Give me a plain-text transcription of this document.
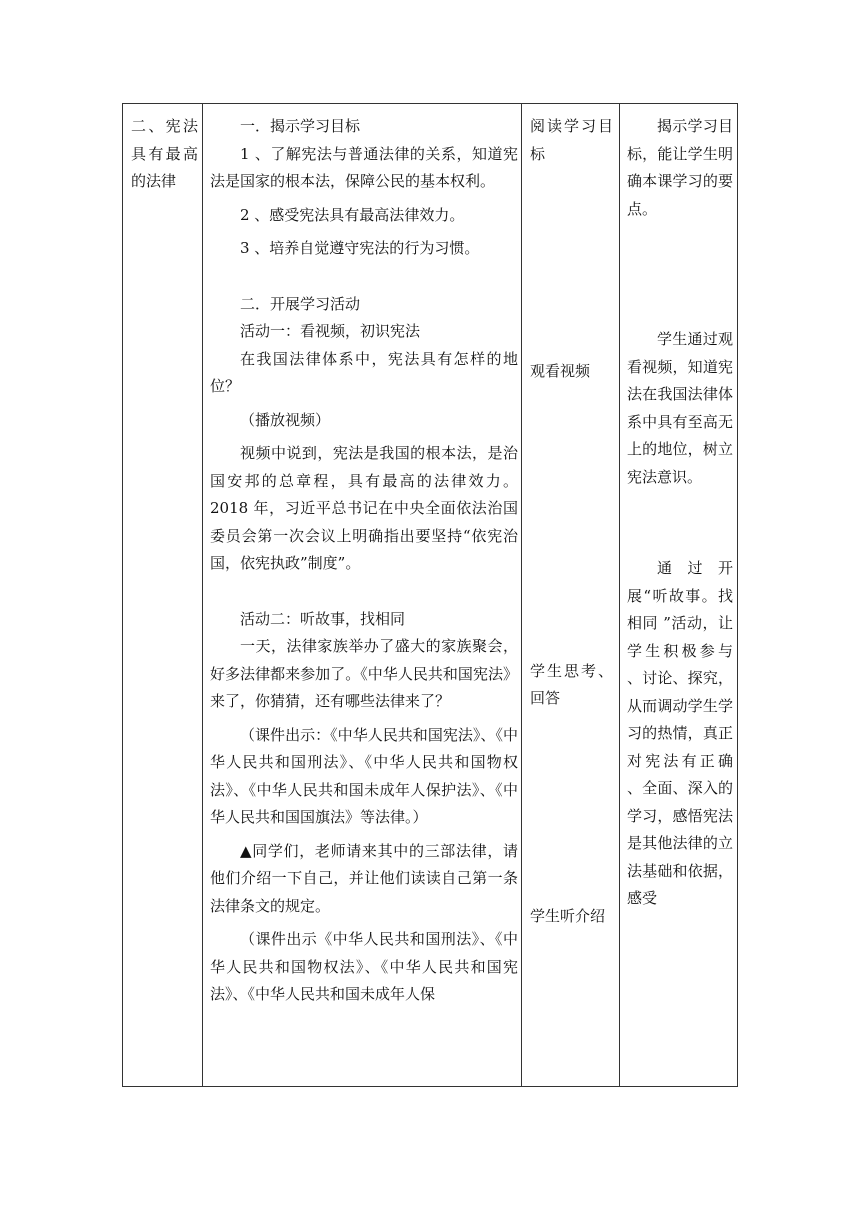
二、宪法具有最高的法律

一．揭示学习目标

1 、了解宪法与普通法律的关系，知道宪法是国家的根本法，保障公民的基本权利。

2 、感受宪法具有最高法律效力。

3 、培养自觉遵守宪法的行为习惯。

二．开展学习活动

活动一：看视频，初识宪法

在我国法律体系中，宪法具有怎样的地位？

（播放视频）

视频中说到，宪法是我国的根本法，是治国安邦的总章程，具有最高的法律效力。2018 年，习近平总书记在中央全面依法治国委员会第一次会议上明确指出要坚持“依宪治国，依宪执政”制度”。

活动二：听故事，找相同

一天，法律家族举办了盛大的家族聚会，好多法律都来参加了。《中华人民共和国宪法》来了，你猜猜，还有哪些法律来了？

（课件出示：《中华人民共和国宪法》、《中华人民共和国刑法》、《中华人民共和国物权法》、《中华人民共和国未成年人保护法》、《中华人民共和国国旗法》等法律。）

▲同学们，老师请来其中的三部法律，请他们介绍一下自己，并让他们读读自己第一条法律条文的规定。

（课件出示《中华人民共和国刑法》、《中华人民共和国物权法》、《中华人民共和国宪法》、《中华人民共和国未成年人保

阅读学习目标

观看视频

学生思考、回答

学生听介绍

揭示学习目标，能让学生明确本课学习的要点。

学生通过观看视频，知道宪法在我国法律体系中具有至高无上的地位，树立宪法意识。

通过开展“听故事。找相同 ”活动，让学生积极参与 、讨论、探究，从而调动学生学习的热情，真正对宪法有正确 、全面、深入的学习，感悟宪法是其他法律的立法基础和依据，感受
